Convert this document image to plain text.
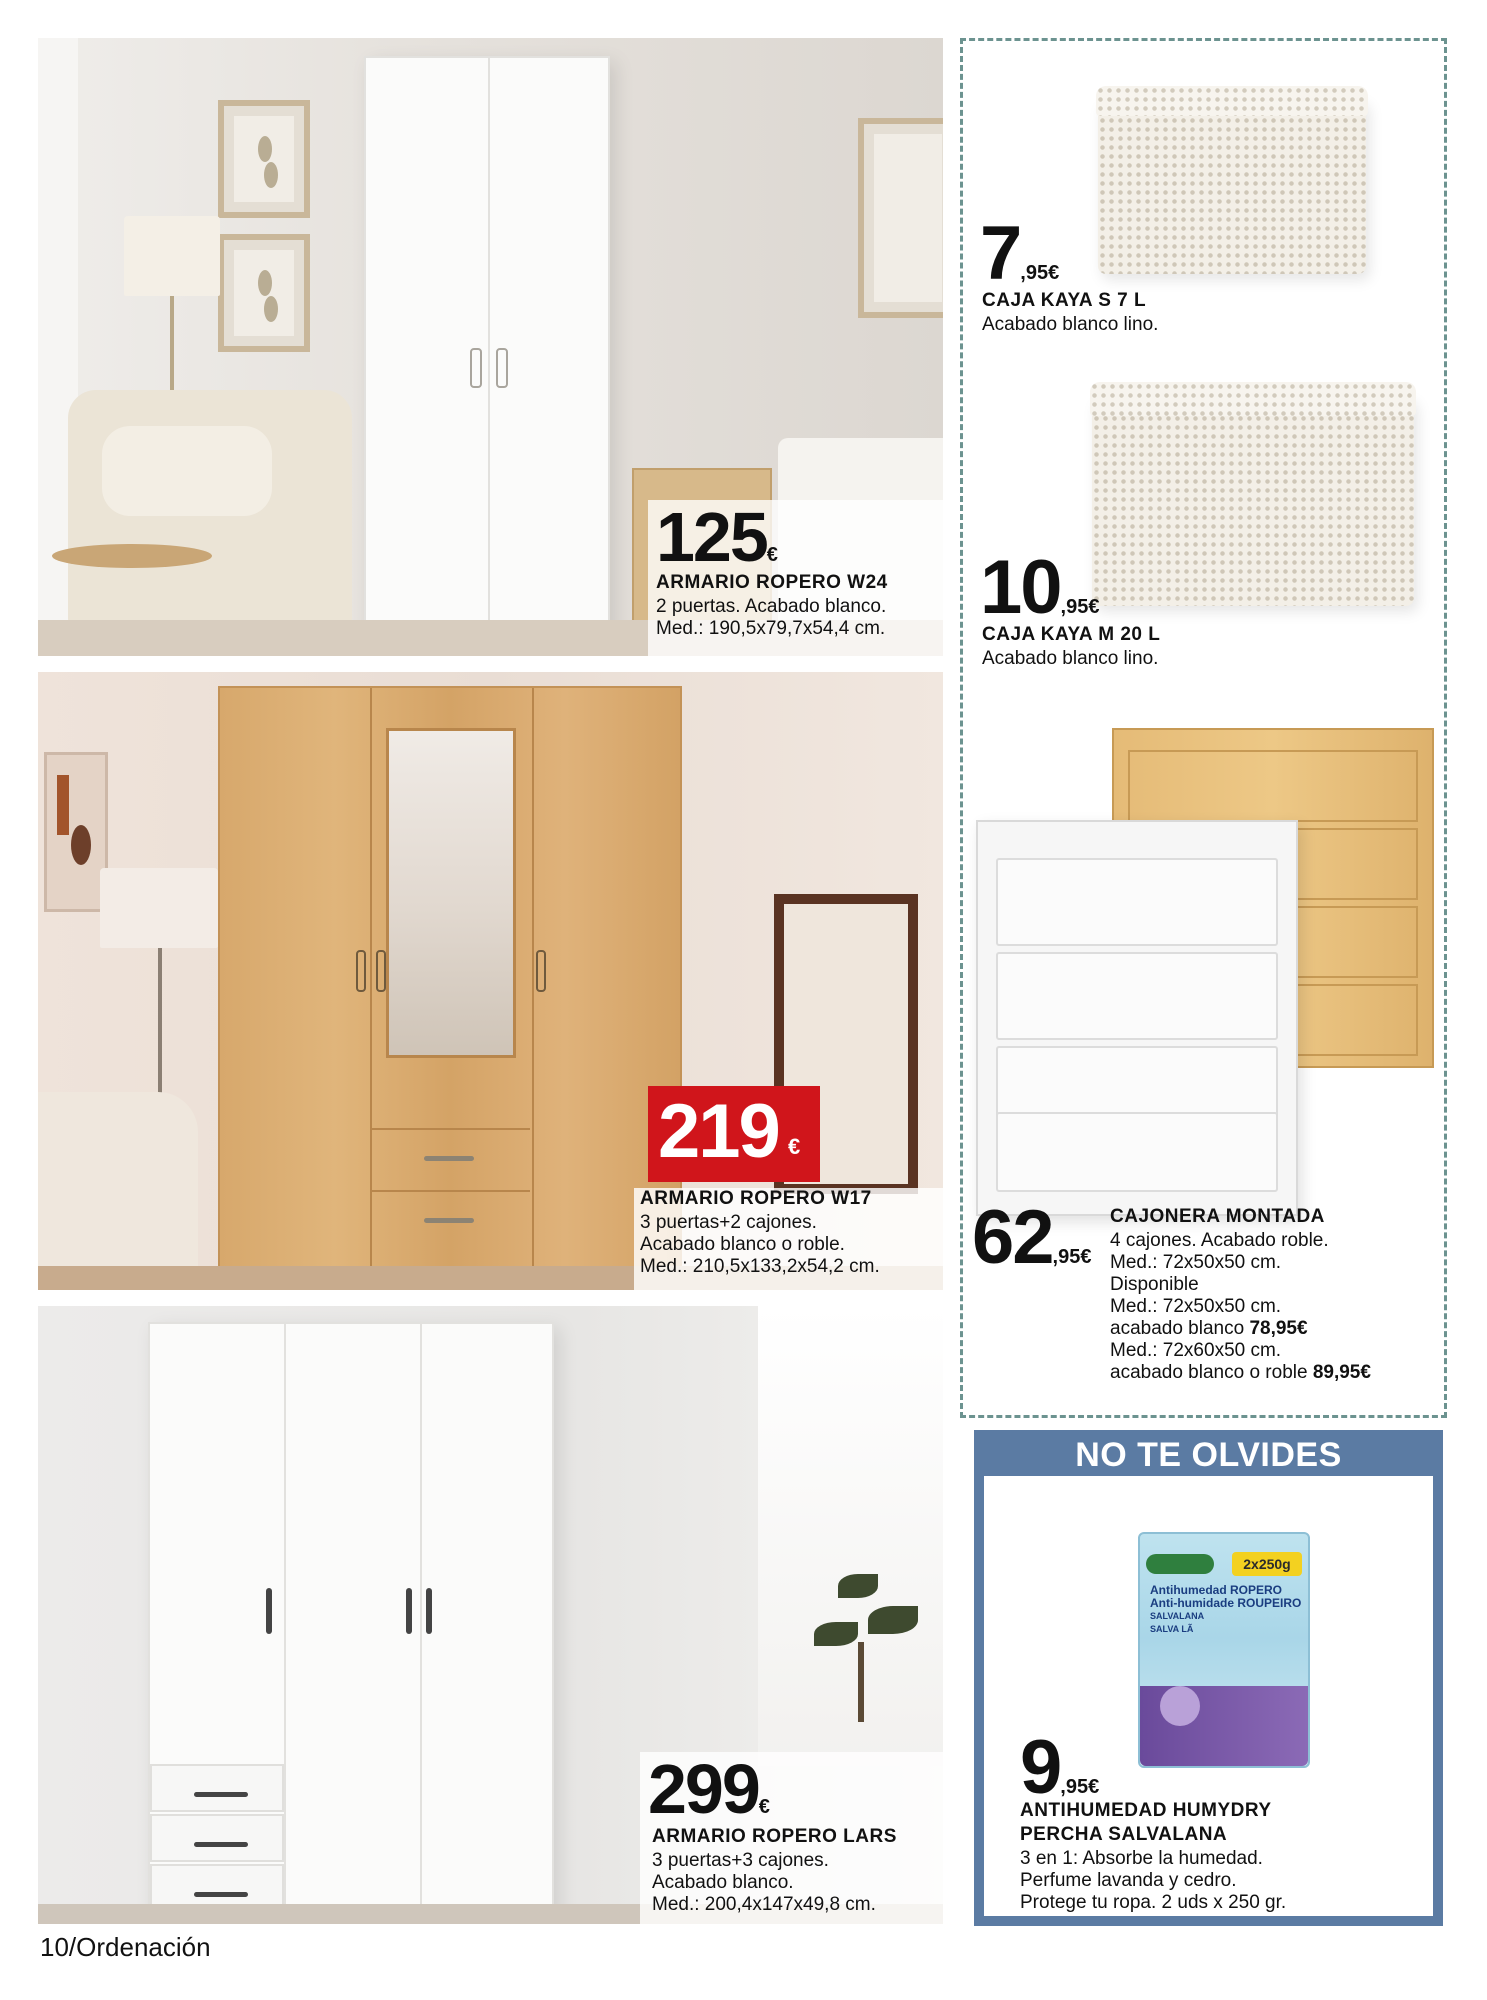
125€
ARMARIO ROPERO W24
2 puertas. Acabado blanco.
Med.: 190,5x79,7x54,4 cm.
219 €
ARMARIO ROPERO W17
3 puertas+2 cajones.
Acabado blanco o roble.
Med.: 210,5x133,2x54,2 cm.
299€
ARMARIO ROPERO LARS
3 puertas+3 cajones.
Acabado blanco.
Med.: 200,4x147x49,8 cm.
7,95€
CAJA KAYA S 7 L
Acabado blanco lino.
10,95€
CAJA KAYA M 20 L
Acabado blanco lino.
62,95€
CAJONERA MONTADA
4 cajones. Acabado roble.
Med.: 72x50x50 cm.
Disponible
Med.: 72x50x50 cm.
acabado blanco 78,95€
Med.: 72x60x50 cm.
acabado blanco o roble 89,95€
NO TE OLVIDES
2x250g
Antihumedad ROPERO
Anti-humidade ROUPEIRO
SALVALANA
SALVA LÃ
9,95€
ANTIHUMEDAD HUMYDRY
PERCHA SALVALANA
3 en 1: Absorbe la humedad.
Perfume lavanda y cedro.
Protege tu ropa. 2 uds x 250 gr.
10/Ordenación
